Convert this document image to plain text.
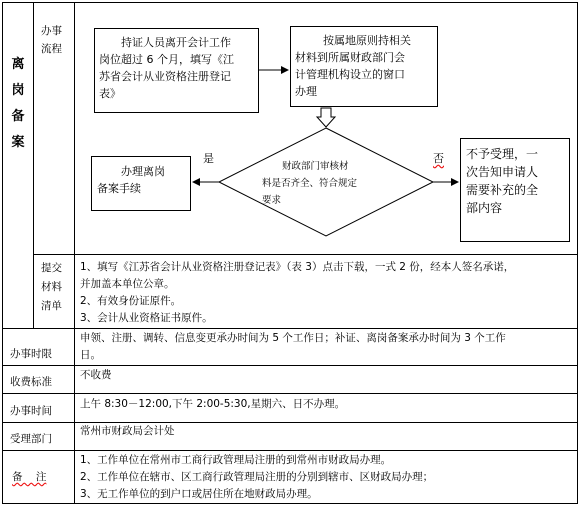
离
岗
备
案
办事
流程	持证人员离开会计工作
岗位超过 6 个月，填写《江
苏省会计从业资格注册登记
表》
按属地原则持相关
材料到所属财政部门会
计管理机构设立的窗口
办理
办理离岗
备案手续
不予受理，一
次告知申请人
需要补充的全
部内容
财政部门审核材
料是否齐全、符合规定
要求
是	否
提交
材料
清单
1、填写《江苏省会计从业资格注册登记表》（表 3）点击下载，一式 2 份，经本人签名承诺，
并加盖本单位公章。
2、有效身份证原件。
3、会计从业资格证书原件。
办事时限
申领、注册、调转、信息变更承办时间为 5 个工作日；补证、离岗备案承办时间为 3 个工作
日。
收费标准
不收费
办事时间
上午 8:30－12:00,下午 2:00-5:30,星期六、日不办理。
受理部门
常州市财政局会计处
备    注
1、工作单位在常州市工商行政管理局注册的到常州市财政局办理。
2、工作单位在辖市、区工商行政管理局注册的分别到辖市、区财政局办理；
3、无工作单位的到户口或居住所在地财政局办理。
